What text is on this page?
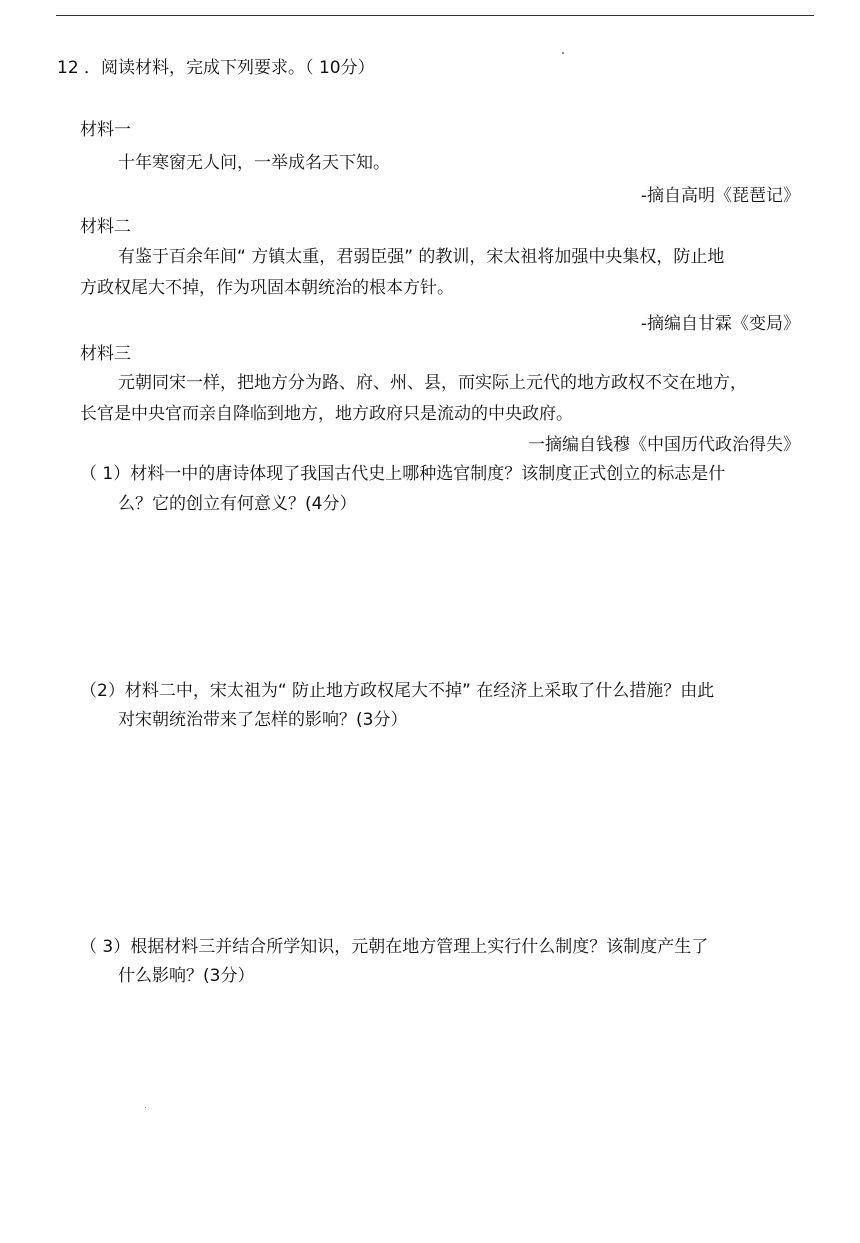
12 ．阅读材料，完成下列要求。（ 10分）
材料一
十年寒窗无人问，一举成名天下知。
-摘自高明《琵琶记》
材料二
有鉴于百余年间“ 方镇太重，君弱臣强” 的教训，宋太祖将加强中央集权，防止地
方政权尾大不掉，作为巩固本朝统治的根本方针。
-摘编自甘霖《变局》
材料三
元朝同宋一样，把地方分为路、府、州、县，而实际上元代的地方政权不交在地方，
长官是中央官而亲自降临到地方，地方政府只是流动的中央政府。
一摘编自钱穆《中国历代政治得失》
（ 1）材料一中的唐诗体现了我国古代史上哪种选官制度？该制度正式创立的标志是什
么？它的创立有何意义？(4分）
（2）材料二中，宋太祖为“ 防止地方政权尾大不掉” 在经济上采取了什么措施？由此
对宋朝统治带来了怎样的影响？(3分）
（ 3）根据材料三并结合所学知识，元朝在地方管理上实行什么制度？该制度产生了
什么影响？(3分）
